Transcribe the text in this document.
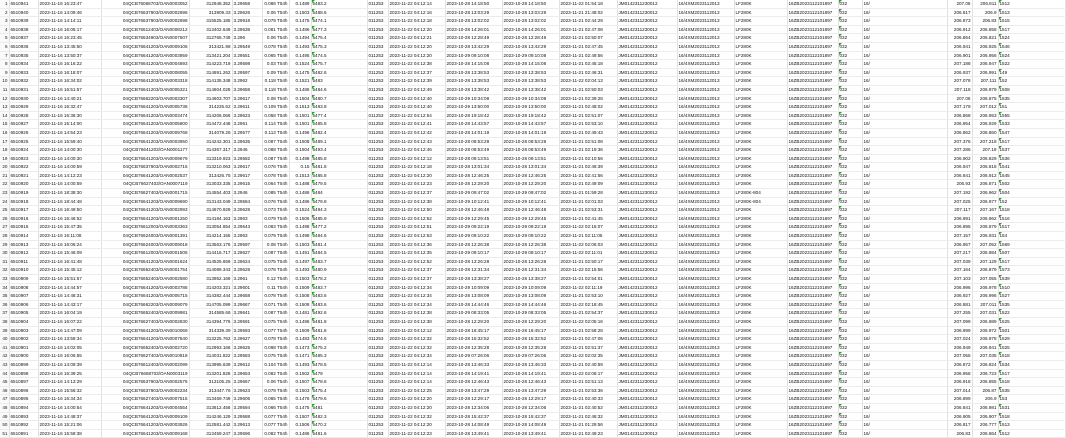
1	6510941	2023-11-16 16:23:47	04QCB76068703/OAN0003052	312948.352	3.29658	0.086 T54h	0.1489	5483.2	011253	2023-11-22 04:12:14	2023-10-28 14:18:50	2023-10-28 14:18:50	2023-11-22 01:54:18	JM0142311230012	16/4XM2023112013	LF280K	16ZB2023112101897	032	16/	207.06	206.811	1512
2	6510940	2023-11-16 14:09:46	04QCB76637903/OAN0002696	313909.33	3.29626	0.06 T54h	0.1503	5488.6	011253	2023-11-22 04:12:16	2023-10-28 13:03:29	2023-10-28 13:03:29	2023-11-21 21:48:02	JM0142311230012	16/4XM2023112013	LF280K	16ZB2023112101897	032	16/	206.817	206.9	1513
3	6510939	2023-11-16 14:14:11	04QCB76637903/OAN0002698	315525.185	3.29918	0.079 T54h	0.1475	5474.1	011253	2023-11-22 04:12:18	2023-10-28 13:02:02	2023-10-28 13:02:02	2023-11-21 02:44:29	JM0142311230012	16/4XM2023112013	LF280K	16ZB2023112101897	032	16/	206.873	206.83	1515
4	6510938	2023-11-16 16:06:17	04QCB76612403/OAN0008212	313402.649	3.29538	0.081 T54h	0.1486	5477.3	011253	2023-11-22 04:12:20	2023-10-28 14:26:01	2023-10-28 14:26:01	2023-11-21 02:47:08	JM0142311230012	16/4XM2023112013	LF280K	16ZB2023112101897	032	16/	206.912	206.858	1517
5	6510937	2023-11-16 16:23:45	04QCB76634903/OAN0007507	312765.749	3.296	0.06 T54h	0.1494	5475.4	011253	2023-11-22 04:12:21	2023-10-28 12:28:49	2023-10-28 12:28:49	2023-11-21 02:50:07	JM0142311230012	16/4XM2023112013	LF280K	16ZB2023112101897	032	16/	206.864	206.821	1524
6	6510936	2023-11-16 13:45:50	04QCB76641203/OAN0009106	313421.98	3.29549	0.078 T54h	0.1493	5475.3	011253	2023-11-22 04:12:20	2023-10-28 13:42:29	2023-10-28 13:42:29	2023-11-21 02:47:45	JM0142311230012	16/4XM2023112013	LF280K	16ZB2023112101897	032	16/	206.941	206.925	1546
7	6510935	2023-11-16 13:50:37	04QCB76641203/OAN0003959	313421.204	3.29551	0.065 T54h	0.1495	5474.5	011253	2023-11-22 04:12:20	2023-10-29 09:10:08	2023-10-29 09:10:08	2023-11-21 02:49:56	JM0142311230012	16/4XM2023112013	LF280K	16ZB2023112101897	032	16/	206.901	206.956	1524
8	6510934	2023-11-16 16:16:22	04QCB76641203/OAN0004893	314223.719	3.29598	0.03 T54h	0.1524	5475.7	011253	2023-11-22 04:12:38	2023-10-28 14:15:08	2023-10-28 14:15:08	2023-11-21 02:45:18	JM0142311230012	16/4XM2023112013	LF280K	16ZB2023112101897	032	16/	207.188	206.947	1522
9	6510933	2023-11-16 16:18:07	04QCB76641203/OAN0008055	314891.262	3.29597	0.09 T54h	0.1475	5482.6	011253	2023-11-22 04:12:37	2023-10-28 13:38:53	2023-10-28 13:38:53	2023-11-21 02:46:31	JM0142311230012	16/4XM2023112013	LF280K	16ZB2023112101897	032	16/	206.937	206.991	149
10	6510932	2023-11-16 16:34:02	04QCB76641203/OAN0003318	314135.348	3.2962	0.118 T54h	0.1521	5483	011253	2023-11-22 04:12:39	2023-10-28 13:38:53	2023-10-28 13:38:53	2023-11-22 02:04:13	JM0142311230012	16/4XM2023112013	LF280K	16ZB2023112101897	032	16/	207.078	207.111	152
11	6510931	2023-11-16 16:51:57	04QCB76641203/OAN0005321	314604.028	3.29658	0.118 T54h	0.1486	5484.6	011253	2023-11-22 04:12:49	2023-10-28 13:38:42	2023-10-28 13:38:42	2023-11-21 02:50:03	JM0142311230012	16/4XM2023112013	LF280K	16ZB2023112101897	032	16/	207.118	206.979	1508
12	6510930	2023-11-16 14:40:21	04QCB76662203/OAN0003307	314603.707	3.29617	0.08 T54h	0.1504	5480.7	011253	2023-11-22 04:12:40	2023-10-29 10:34:08	2023-10-29 10:34:08	2023-11-21 02:39:28	JM0142311230012	16/4XM2023112013	LF280K	16ZB2023112101897	032	16/	207.06	206.875	1535
13	6510929	2023-11-16 16:32:47	04QCB76641203/OAN0005736	314225.62	3.29611	0.109 T54h	0.1513	5483.8	011253	2023-11-22 04:12:40	2023-10-29 13:50:00	2023-10-29 13:50:00	2023-11-21 02:48:02	JM0142311230012	16/4XM2023112013	LF280K	16ZB2023112101897	032	16/	207.179	207.012	151
14	6510928	2023-11-16 16:36:30	04QCB76641203/OAN0003474	314206.066	3.29623	0.058 T54h	0.1501	5477.4	011253	2023-11-22 04:12:54	2023-10-28 19:18:42	2023-10-28 19:18:42	2023-11-21 02:51:07	JM0142311230012	16/4XM2023112013	LF280K	16ZB2023112101897	032	16/	206.868	206.953	1555
15	6510927	2023-11-16 15:14:00	04QCB76641203/OAN0005800	314472.448	3.2961	0.114 T54h	0.1501	5485.8	011253	2023-11-22 04:12:41	2023-10-28 14:43:57	2023-10-28 14:43:57	2023-11-21 02:53:10	JM0142311230012	16/4XM2023112013	LF280K	16ZB2023112101897	032	16/	206.954	206.929	1533
16	6510926	2023-11-16 14:54:23	04QCB76641203/OAN0009768	314079.26	3.29577	0.113 T54h	0.1496	5482.4	011253	2023-11-22 04:12:42	2023-10-28 14:01:19	2023-10-28 14:01:19	2023-11-21 02:49:43	JM0142311230012	16/4XM2023112013	LF280K	16ZB2023112101897	032	16/	206.862	206.860	1547
17	6510925	2023-11-16 15:59:40	04QCB76641203/OAN0003950	314242.301	3.29635	0.087 T54h	0.1508	5489.1	011253	2023-11-22 04:12:43	2023-10-28 08:53:28	2023-10-28 08:53:28	2023-11-21 02:51:08	JM0142311230012	16/4XM2023112013	LF280K	16ZB2023112101897	032	16/	207.376	207.218	1517
18	6510924	2023-11-16 14:00:30	04QCB76641203/OAN0001177	314367.317	3.2946	0.088 T54h	0.1504	5493.4	011253	2023-11-22 04:12:46	2023-10-28 08:53:49	2023-10-28 08:53:49	2023-11-21 02:19:36	JM0142311230012	16/4XM2023112013	LF280K	16ZB2023112101897	032	16/	207.286	207.19	1537
19	6510923	2023-11-16 14:00:30	04QCB76641203/OAN0009679	313319.923	3.29582	0.087 T54h	0.1498	5485.8	011253	2023-11-22 04:12:12	2023-10-28 09:13:51	2023-10-28 09:13:51	2023-11-21 02:10:56	JM0142311230012	16/4XM2023112013	LF280K	16ZB2023112101897	032	16/	206.902	206.829	1536
20	6510922	2023-11-16 14:00:59	04QCB76637903/OAN0002716	313210.063	3.29617	0.076 T54h	0.15	5481.8	011253	2023-11-22 04:12:18	2023-10-28 13:01:34	2023-10-28 13:01:34	2023-11-21 02:46:39	JM0142311230012	16/4XM2023112013	LF280K	16ZB2023112101897	032	16/	206.947	206.818	1541
21	6510921	2023-11-16 14:12:23	04QCB76641203/OAN0002537	313426.75	3.29617	0.078 T54h	0.1513	5485.8	011253	2023-11-22 04:12:20	2023-10-28 12:46:25	2023-10-28 12:46:25	2023-11-21 02:41:56	JM0142311230012	16/4XM2023112013	LF280K	16ZB2023112101897	032	16/	206.841	206.912	1545
22	6510920	2023-11-16 14:00:59	04QCB76627403/OAN0007119	313033.335	3.29615	0.064 T54h	0.1488	5479.5	011253	2023-11-22 04:12:23	2023-10-28 12:29:20	2023-10-28 12:29:20	2023-11-21 02:49:09	JM0142311230012	16/4XM2023112013	LF280K	16ZB2023112101897	032	16/	206.93	206.871	1502
23	6510919	2023-11-16 18:38:30	04QCB76627403/OAN0001715	314554.403	3.2946	0.085 T54h	0.1486	5484	011253	2023-11-22 04:12:37	2023-10-29 09:47:02	2023-10-29 09:47:02	2023-11-21 01:59:28	JM0142311230012	16/4XM2023112013	LF280K-804	16ZB2023112101897	032	16/	207.192	206.962	1504
24	6510918	2023-11-16 18:44:48	04QCB76641203/OAN0009690	313143.049	3.29584	0.076 T54h	0.1486	5479.8	011253	2023-11-22 04:12:38	2023-10-29 10:12:41	2023-10-29 10:12:41	2023-11-21 02:01:03	JM0142311230012	16/4XM2023112013	LF280K-804	16ZB2023112101897	032	16/	207.025	206.977	152
25	6510917	2023-11-16 16:49:50	04QCB76641203/OAN0002993	314670.929	3.29628	0.073 T54h	0.1524	5494.3	011253	2023-11-22 04:12:50	2023-10-28 12:46:48	2023-10-28 12:46:48	2023-11-21 02:53:31	JM0142311230012	16/4XM2023112013	LF280K	16ZB2023112101897	032	16/	207.117	207.167	1518
26	6510916	2023-11-16 16:46:52	04QCB76641203/OAN0001250	314184.163	3.2963	0.079 T54h	0.1506	5485.9	011253	2023-11-22 04:12:52	2023-10-29 12:29:45	2023-10-29 12:29:45	2023-11-21 02:41:45	JM0142311230012	16/4XM2023112013	LF280K	16ZB2023112101897	032	16/	206.991	206.962	1516
27	6510915	2023-11-16 15:47:35	04QCB76612003/OAN0003363	313054.654	3.29643	0.083 T54h	0.1498	5477.2	011253	2023-11-22 04:12:51	2023-10-29 09:22:19	2023-10-29 09:22:19	2023-11-22 02:15:07	JM0142311230012	16/4XM2023112013	LF280K	16ZB2023112101897	032	16/	206.895	206.879	1517
28	6510914	2023-11-16 16:11:08	04QCB76624003/OAN0001391	314214.155	3.2963	0.079 T54h	0.1498	5484.6	011253	2023-11-22 04:12:53	2023-10-29 09:10:22	2023-10-29 09:10:22	2023-11-21 02:11:05	JM0142311230012	16/4XM2023112013	LF280K	16ZB2023112101897	032	16/	207.157	206.931	154
29	6510913	2023-11-16 16:06:24	04QCB76624003/OAN0009018	313563.176	3.29597	0.08 T54h	0.1503	5481.4	011253	2023-11-22 04:12:36	2023-10-28 12:26:38	2023-10-28 12:26:38	2023-11-22 02:06:03	JM0142311230012	16/4XM2023112013	LF280K	16ZB2023112101897	032	16/	206.957	207.052	1569
30	6510912	2023-11-16 15:46:09	04QCB76612003/OAN0001505	314416.717	3.29627	0.087 T54h	0.1491	5484.5	011253	2023-11-22 04:12:35	2023-10-29 09:10:17	2023-10-29 09:10:17	2023-11-22 02:11:01	JM0142311230012	16/4XM2023112013	LF280K	16ZB2023112101897	032	16/	207.217	206.984	1507
31	6510911	2023-11-16 16:41:48	04QCB76641203/OAN0001624	314525.659	3.29624	0.075 T54h	0.1497	5483.7	011253	2023-11-22 04:12:52	2023-10-28 13:26:28	2023-10-28 13:26:28	2023-11-21 02:50:17	JM0142311230012	16/4XM2023112013	LF280K	16ZB2023112101897	032	16/	207.039	207.129	1517
32	6510910	2023-11-16 15:45:12	04QCB76652403/OAN0001754	314089.343	3.29628	0.078 T54h	0.1493	5480.9	011253	2023-11-22 04:12:37	2023-10-28 12:31:34	2023-10-28 12:31:34	2023-11-22 02:15:56	JM0142311230012	16/4XM2023112013	LF280K	16ZB2023112101897	032	16/	207.164	206.879	1573
33	6510909	2023-11-16 15:51:57	04QCB76652403/OAN0002580	313952.169	3.2961	0.12 T54h	0.1503	5478.2	011253	2023-11-22 04:12:37	2023-10-28 13:38:27	2023-10-28 13:38:27	2023-11-21 02:54:01	JM0142311230012	16/4XM2023112013	LF280K	16ZB2023112101897	032	16/	207.103	207.055	1539
34	6510908	2023-11-16 14:44:57	04QCB76641203/OAN0003786	314203.321	3.29601	0.11 T54h	0.1509	5483.7	011253	2023-11-22 04:12:34	2023-10-29 10:09:09	2023-10-29 10:09:09	2023-11-22 02:11:19	JM0142311230012	16/4XM2023112013	LF280K	16ZB2023112101897	032	16/	206.996	206.978	1510
35	6510907	2023-11-16 14:48:31	04QCB76641203/OAN0005715	314382.444	3.29658	0.078 T54h	0.1508	5483.6	011253	2023-11-22 04:12:34	2023-10-28 13:08:09	2023-10-28 13:08:09	2023-11-21 02:53:10	JM0142311230012	16/4XM2023112013	LF280K	16ZB2023112101897	032	16/	206.927	206.996	1527
36	6510906	2023-11-16 14:43:17	04QCB76662203/OAN0009079	314705.099	3.29667	0.071 T54h	0.1508	5483.6	011253	2023-11-22 04:12:34	2023-10-28 14:44:46	2023-10-28 14:44:46	2023-11-22 02:18:45	JM0142311230012	16/4XM2023112013	LF280K	16ZB2023112101897	032	16/	206.881	207.011	1535
37	6510905	2023-11-16 16:04:19	04QCB76652403/OAN0009981	314585.66	3.29641	0.087 T54h	0.1481	5492.6	011253	2023-11-22 04:12:38	2023-10-29 08:33:05	2023-10-29 08:33:05	2023-11-21 02:54:37	JM0142311230012	16/4XM2023112013	LF280K	16ZB2023112101897	032	16/	207.255	207.031	1522
38	6510904	2023-11-16 16:07:22	04QCB76627403/OAN0002830	314394.776	3.29591	0.075 T54h	0.1496	5481.8	011253	2023-11-22 04:12:38	2023-10-28 12:29:20	2023-10-28 12:29:20	2023-11-22 02:05:16	JM0142311230012	16/4XM2023112013	LF280K	16ZB2023112101897	032	16/	207.099	206.989	1525
39	6510903	2023-11-16 14:47:09	04QCB76641203/OAN0010069	314339.39	3.29593	0.077 T54h	0.1509	5481.8	011253	2023-11-22 04:12:12	2023-10-28 16:45:17	2023-10-28 16:45:17	2023-11-21 02:58:28	JM0142311230012	16/4XM2023112013	LF280K	16ZB2023112101897	032	16/	206.999	206.972	1501
40	6510902	2023-11-16 13:58:34	04QCB76641203/OAN0007840	313225.762	3.29627	0.078 T54h	0.1483	5474.6	011253	2023-11-22 04:12:32	2023-10-28 15:32:52	2023-10-28 15:32:52	2023-11-21 02:47:06	JM0142311230012	16/4XM2023112013	LF280K	16ZB2023112101897	032	16/	207.024	206.978	1529
41	6510901	2023-11-16 14:02:05	04QCB76652403/OAN0002720	312993.166	3.29625	0.098 T54h	0.1473	5475.2	011253	2023-11-22 04:12:32	2023-10-28 12:35:28	2023-10-28 12:35:28	2023-11-21 02:51:37	JM0142311230012	16/4XM2023112013	LF280K	16ZB2023112101897	032	16/	206.949	206.941	1525
42	6510900	2023-11-16 16:06:55	04QCB76627403/OAN0010818	314031.822	3.29583	0.075 T54h	0.1471	5485.3	011253	2023-11-22 04:12:34	2023-10-29 07:26:06	2023-10-29 07:26:06	2023-11-22 02:02:35	JM0142311230012	16/4XM2023112013	LF280K	16ZB2023112101897	032	16/	207.055	207.035	1518
43	6510899	2023-11-16 14:09:39	04QCB76612403/OAN0002099	313995.639	3.29612	0.104 T54h	0.1493	5478.5	011253	2023-11-22 04:12:14	2023-10-28 13:46:33	2023-10-28 13:46:33	2023-11-21 02:40:59	JM0142311230012	16/4XM2023112013	LF280K	16ZB2023112101897	032	16/	206.872	206.824	1534
44	6510898	2023-11-16 16:39:25	04QCB76668703/OAN0003119	313201.828	3.29653	0.082 T54h	0.1502	5479	011253	2023-11-22 04:12:14	2023-10-28 14:19:41	2023-10-28 14:19:41	2023-11-22 02:06:17	JM0142311230012	16/4XM2023112013	LF280K	16ZB2023112101897	032	16/	206.958	206.723	1517
45	6510897	2023-11-16 14:13:29	04QCB76637903/OAN0002576	313105.25	3.29667	0.06 T54h	0.1507	5478.6	011253	2023-11-22 04:12:14	2023-10-28 12:46:43	2023-10-28 12:46:43	2023-11-21 02:51:13	JM0142311230012	16/4XM2023112013	LF280K	16ZB2023112101897	032	16/	206.918	206.855	1518
46	6510896	2023-11-16 15:56:32	04QCB76637903/OAN0002234	313447.76	3.29623	0.079 T54h	0.1503	5475.4	011253	2023-11-22 04:12:25	2023-10-28 13:47:29	2023-10-28 13:47:29	2023-11-21 02:53:36	JM0142311230012	16/4XM2023112013	LF280K	16ZB2023112101897	032	16/	207.014	206.87	1535
47	6510895	2023-11-16 16:34:34	04QCB76627403/OAN0007515	313469.749	3.29605	0.065 T54h	0.1476	5479.6	011253	2023-11-22 04:12:20	2023-10-28 12:29:17	2023-10-28 12:29:17	2023-11-21 02:40:33	JM0142311230012	16/4XM2023112013	LF280K	16ZB2023112101897	032	16/	206.899	206.9	153
48	6510894	2023-11-16 14:00:54	04QCB76641203/OAN0004554	313612.456	3.29594	0.066 T54h	0.1475	5481	011253	2023-11-22 04:12:20	2023-10-28 12:34:06	2023-10-28 12:34:06	2023-11-21 02:40:52	JM0142311230012	16/4XM2023112013	LF280K	16ZB2023112101897	032	16/	206.841	206.981	1531
49	6510893	2023-11-16 14:48:37	04QCB76641203/OAN0009109	314246.129	3.29588	0.077 T54h	0.1507	5482.3	011253	2023-11-22 04:12:32	2023-10-28 15:42:37	2023-10-28 15:42:37	2023-11-21 02:46:32	JM0142311230012	16/4XM2023112013	LF280K	16ZB2023112101897	032	16/	206.905	206.907	1518
50	6510892	2023-11-16 15:21:06	04QCB76641203/OAN0003926	312581.442	3.29613	0.077 T54h	0.1506	5470.2	011253	2023-11-22 04:12:20	2023-10-28 14:08:49	2023-10-28 14:08:49	2023-11-21 01:29:56	JM0142311230012	16/4XM2023112013	LF280K	16ZB2023112101897	032	16/	206.817	206.777	1513
51	6510891	2023-11-16 15:58:38	04QCB76641203/OAN0009168	313459.247	3.29596	0.082 T54h	0.1486	5481.6	011253	2023-11-22 04:12:23	2023-10-28 13:49:41	2023-10-28 13:49:41	2023-11-21 02:49:23	JM0142311230012	16/4XM2023112013	LF280K	16ZB2023112101897	032	16/	206.83	206.864	1512
